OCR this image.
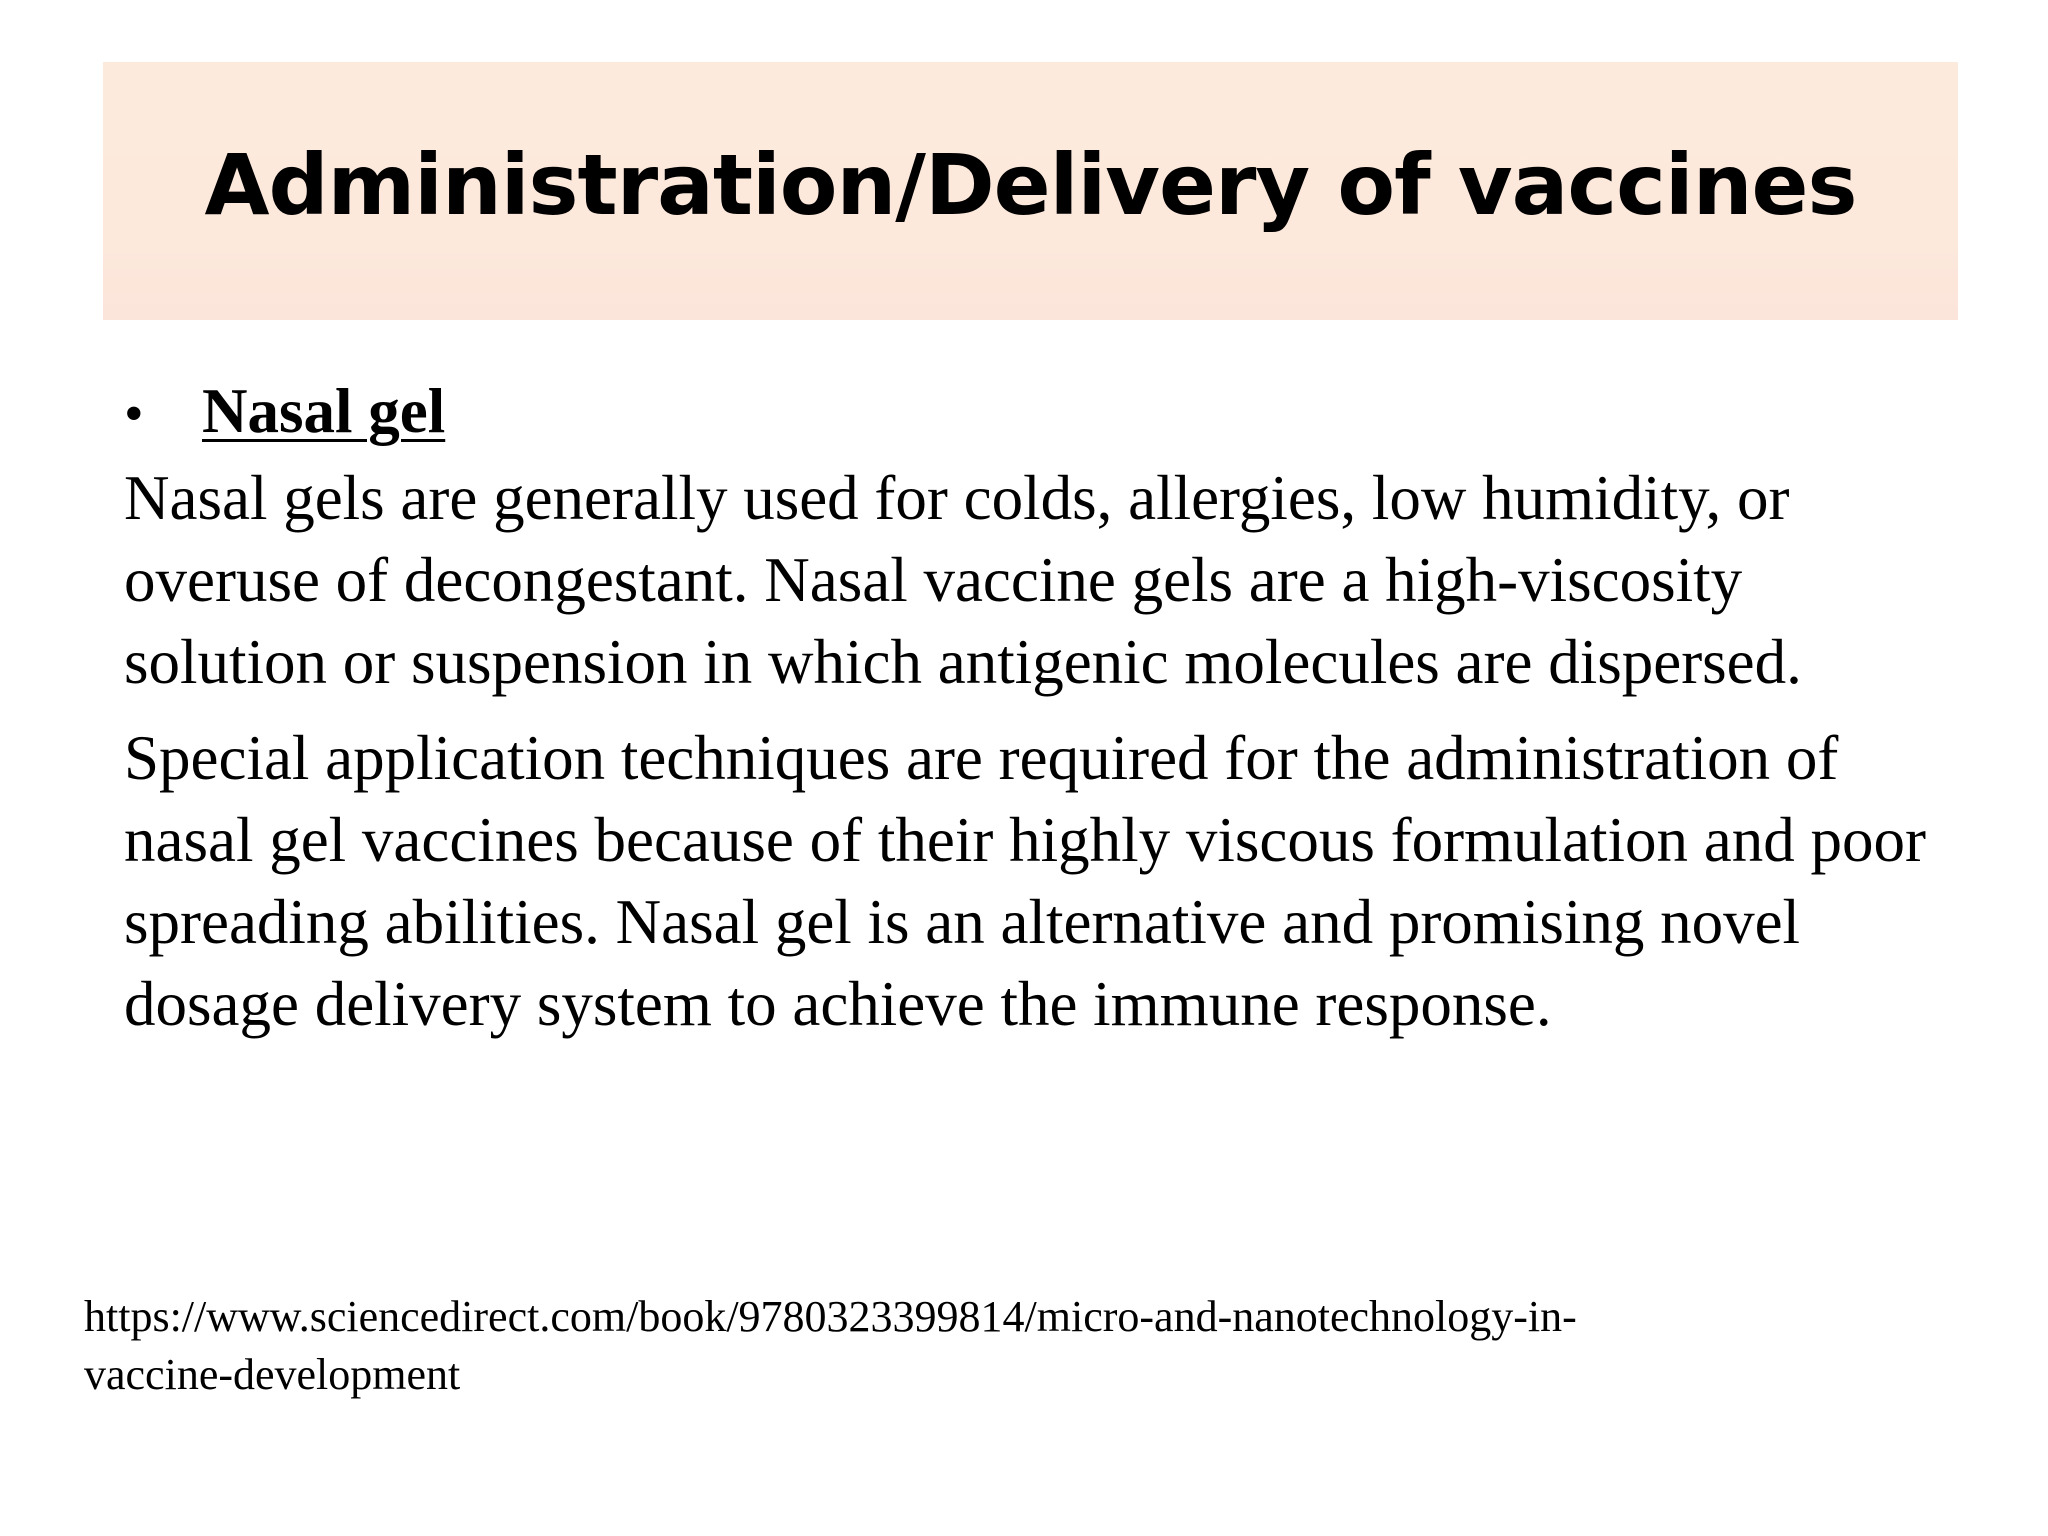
Administration/Delivery of vaccines
• Nasal gel

Nasal gels are generally used for colds, allergies, low humidity, or overuse of decongestant. Nasal vaccine gels are a high-viscosity solution or suspension in which antigenic molecules are dispersed.

Special application techniques are required for the administration of nasal gel vaccines because of their highly viscous formulation and poor spreading abilities. Nasal gel is an alternative and promising novel dosage delivery system to achieve the immune response.

https://www.sciencedirect.com/book/9780323399814/micro-and-nanotechnology-in-
vaccine-development
